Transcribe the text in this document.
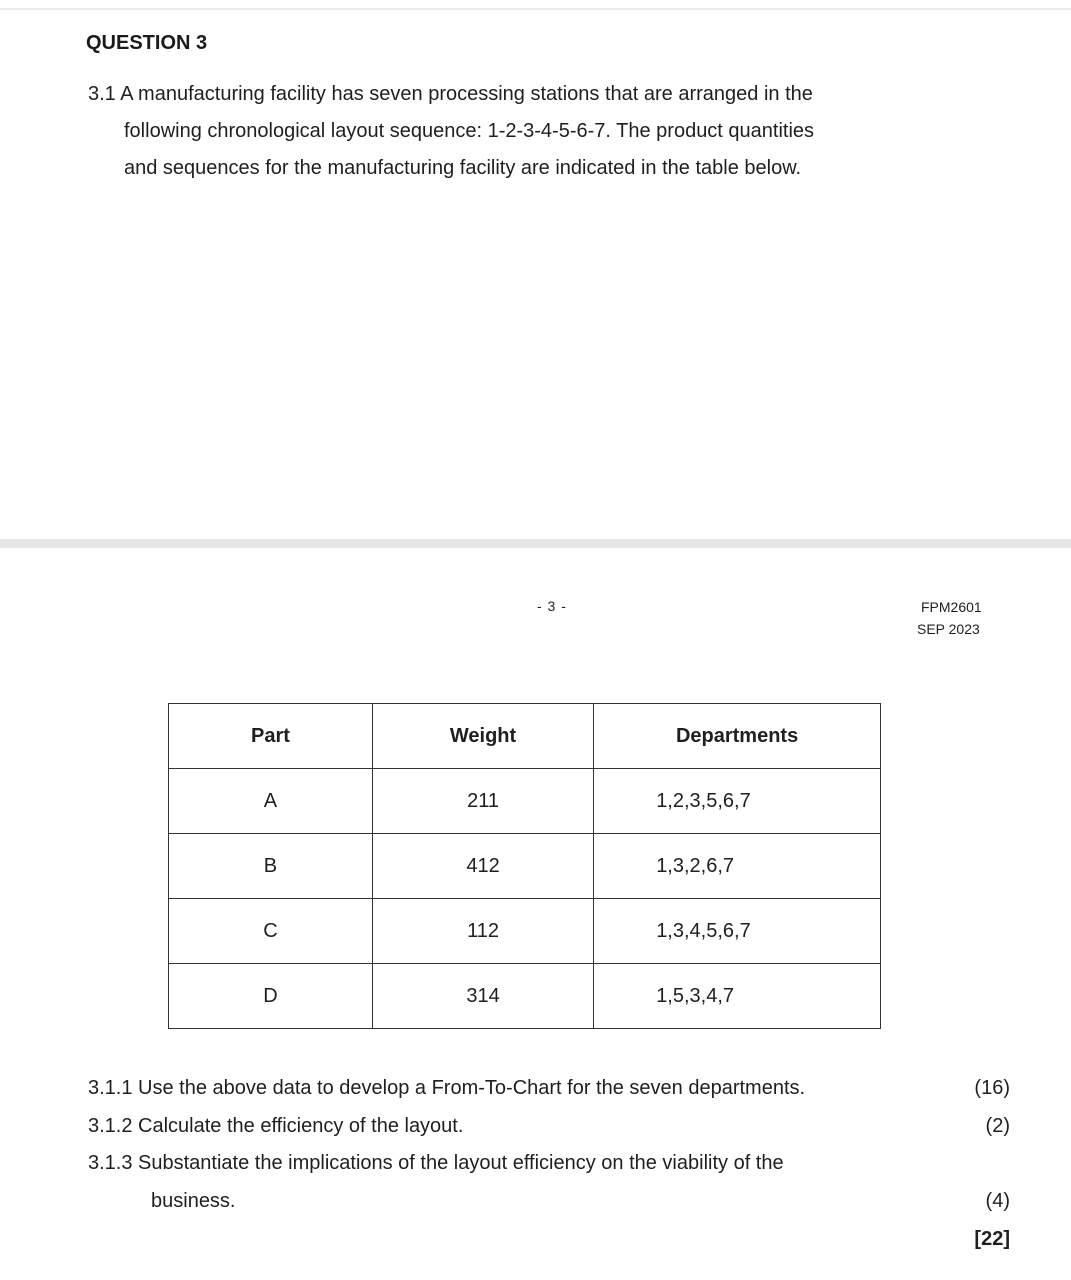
QUESTION 3
3.1 A manufacturing facility has seven processing stations that are arranged in the
following chronological layout sequence: 1-2-3-4-5-6-7. The product quantities
and sequences for the manufacturing facility are indicated in the table below.
- 3 -	FPM2601
SEP 2023
Part	Weight	Departments
A	211	1,2,3,5,6,7
B	412	1,3,2,6,7
C	112	1,3,4,5,6,7
D	314	1,5,3,4,7
3.1.1 Use the above data to develop a From-To-Chart for the seven departments.	(16)
3.1.2 Calculate the efficiency of the layout.	(2)
3.1.3 Substantiate the implications of the layout efficiency on the viability of the
business.	(4)
[22]
